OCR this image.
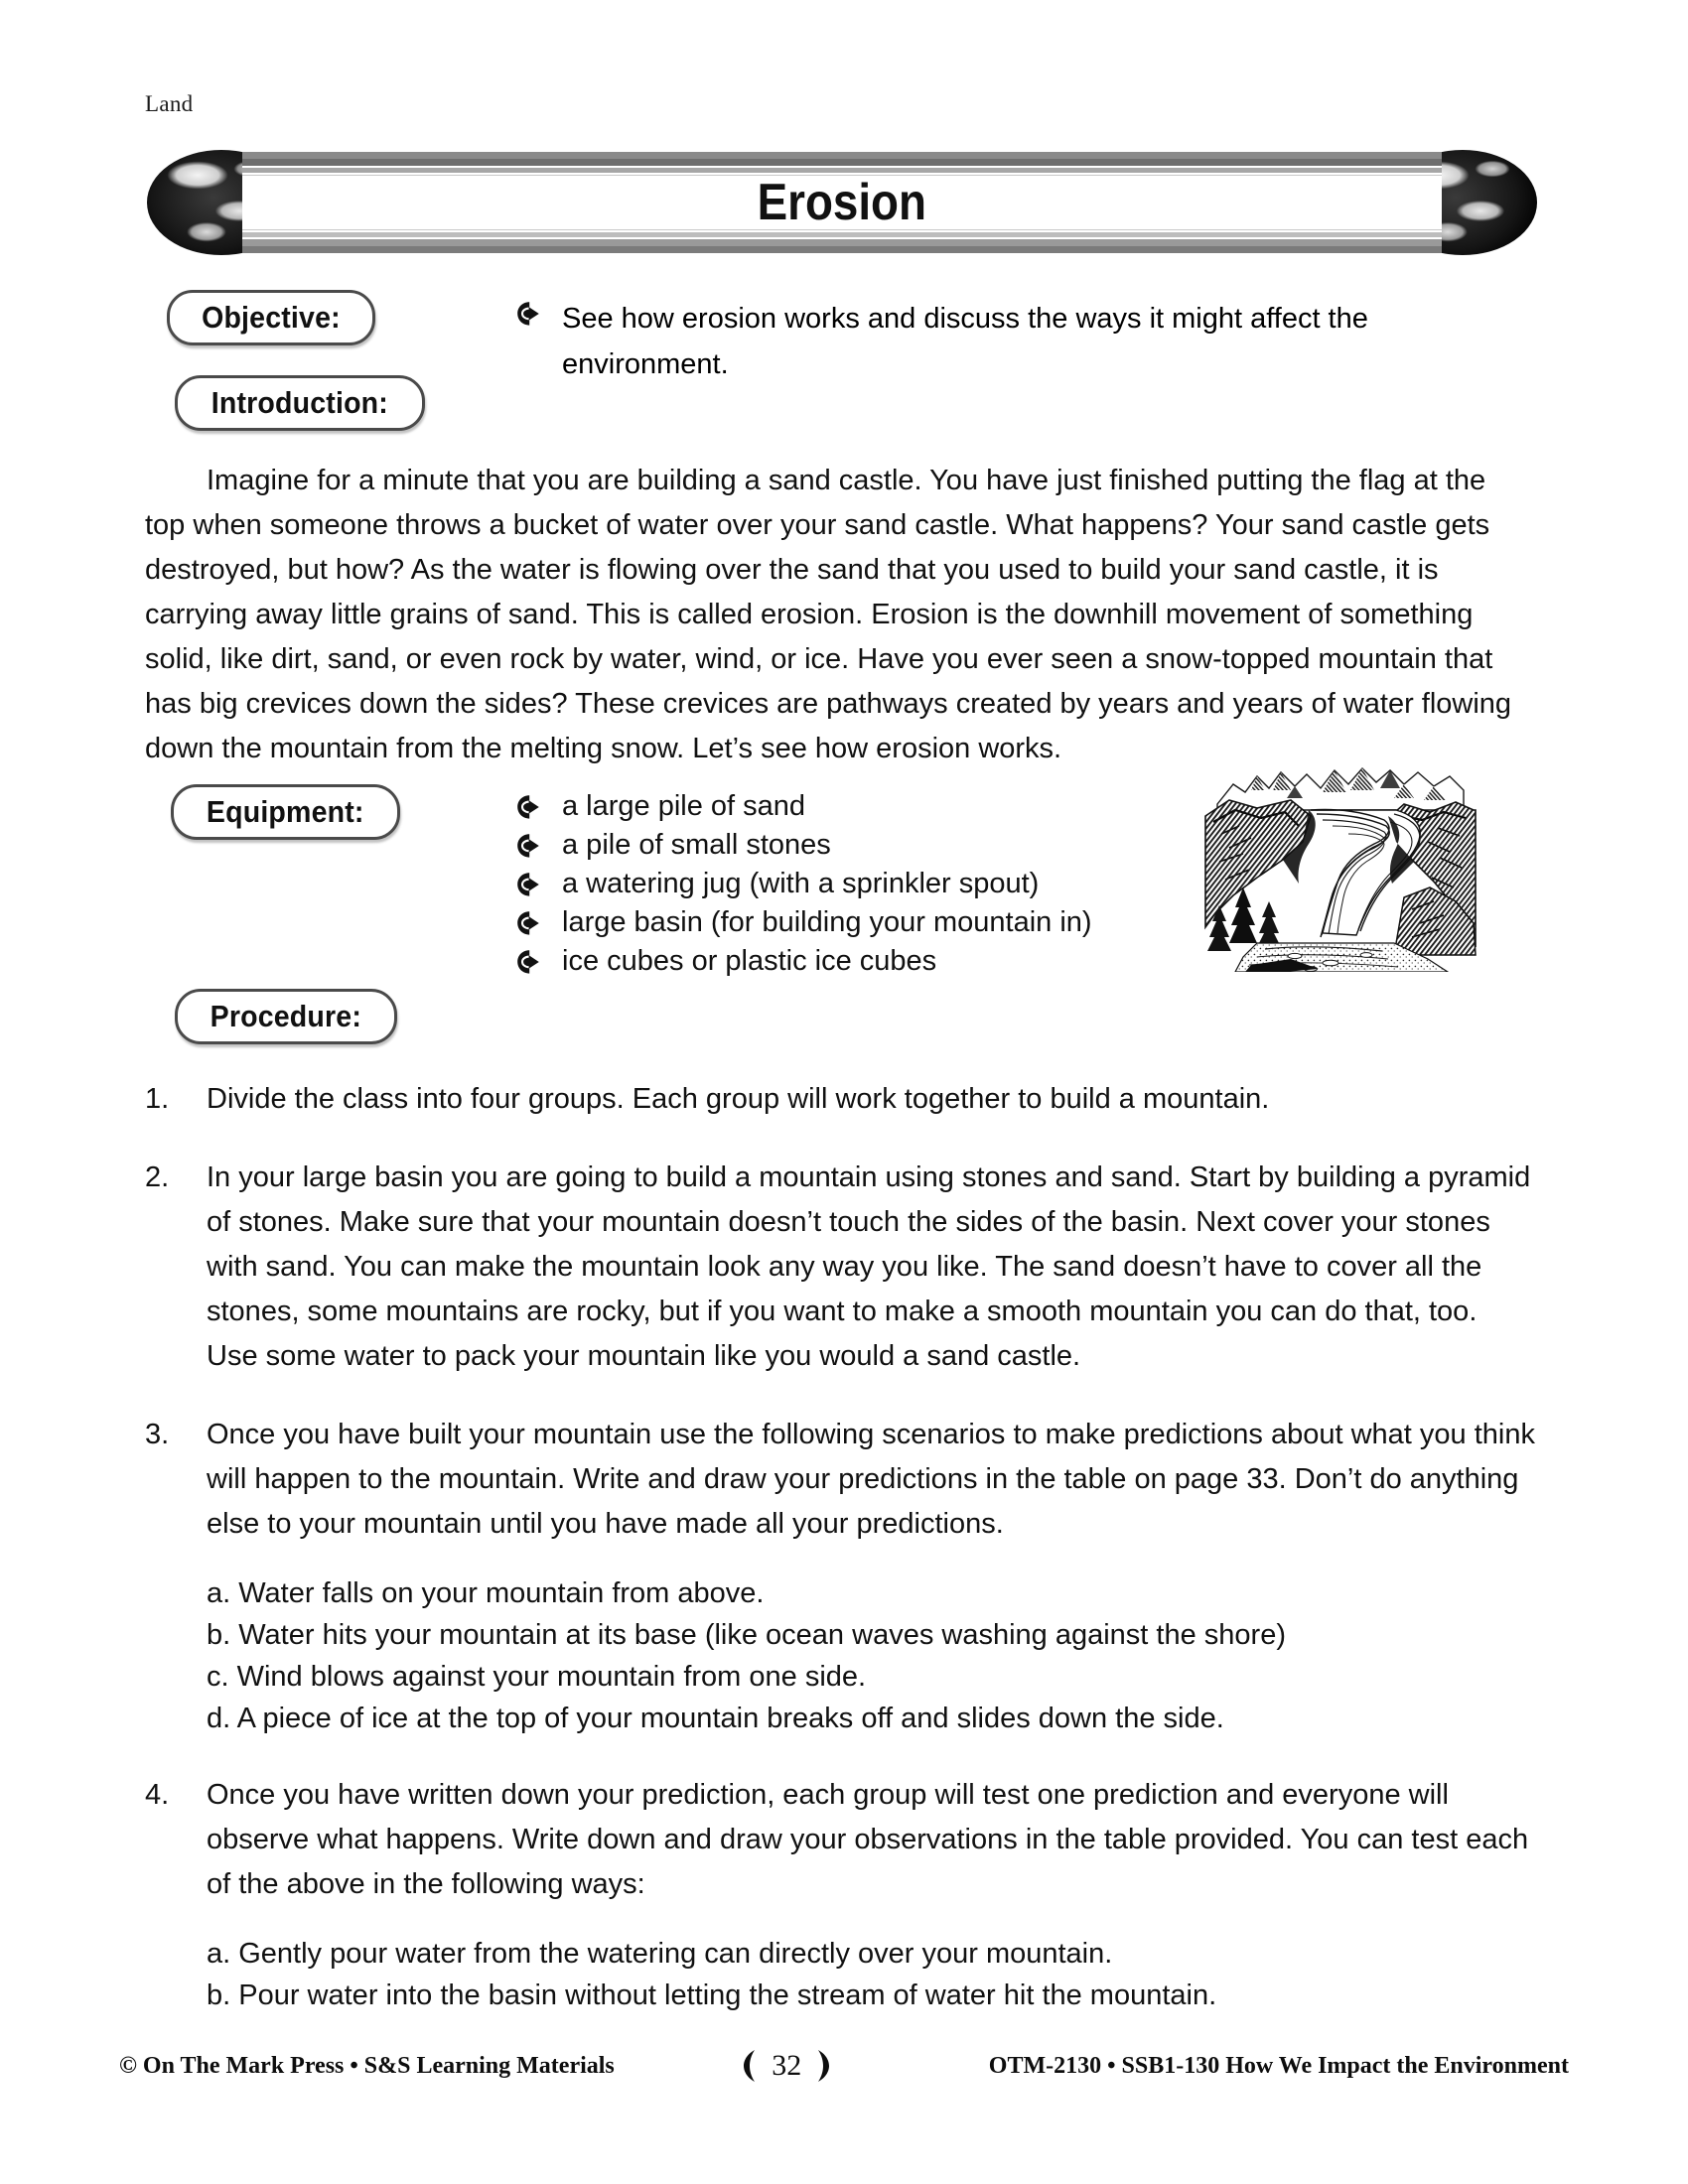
Land
Erosion
Objective:	See how erosion works and discuss the ways it might affect the environment.
Introduction:
Imagine for a minute that you are building a sand castle. You have just finished putting the flag at the top when someone throws a bucket of water over your sand castle. What happens? Your sand castle gets destroyed, but how? As the water is flowing over the sand that you used to build your sand castle, it is carrying away little grains of sand. This is called erosion. Erosion is the downhill movement of something solid, like dirt, sand, or even rock by water, wind, or ice. Have you ever seen a snow-topped mountain that has big crevices down the sides? These crevices are pathways created by years and years of water flowing down the mountain from the melting snow. Let’s see how erosion works.
Equipment:	a large pile of sand
a pile of small stones
a watering jug (with a sprinkler spout)
large basin (for building your mountain in)
ice cubes or plastic ice cubes
Procedure:
1.	Divide the class into four groups. Each group will work together to build a mountain.
2.	In your large basin you are going to build a mountain using stones and sand. Start by building a pyramid of stones. Make sure that your mountain doesn’t touch the sides of the basin. Next cover your stones with sand. You can make the mountain look any way you like. The sand doesn’t have to cover all the stones, some mountains are rocky, but if you want to make a smooth mountain you can do that, too. Use some water to pack your mountain like you would a sand castle.
3.	Once you have built your mountain use the following scenarios to make predictions about what you think will happen to the mountain. Write and draw your predictions in the table on page 33. Don’t do anything else to your mountain until you have made all your predictions.
a. Water falls on your mountain from above.
b. Water hits your mountain at its base (like ocean waves washing against the shore)
c. Wind blows against your mountain from one side.
d. A piece of ice at the top of your mountain breaks off and slides down the side.
4.	Once you have written down your prediction, each group will test one prediction and everyone will observe what happens. Write down and draw your observations in the table provided. You can test each of the above in the following ways:
a. Gently pour water from the watering can directly over your mountain.
b. Pour water into the basin without letting the stream of water hit the mountain.
© On The Mark Press • S&S Learning Materials	32	OTM-2130 • SSB1-130 How We Impact the Environment
